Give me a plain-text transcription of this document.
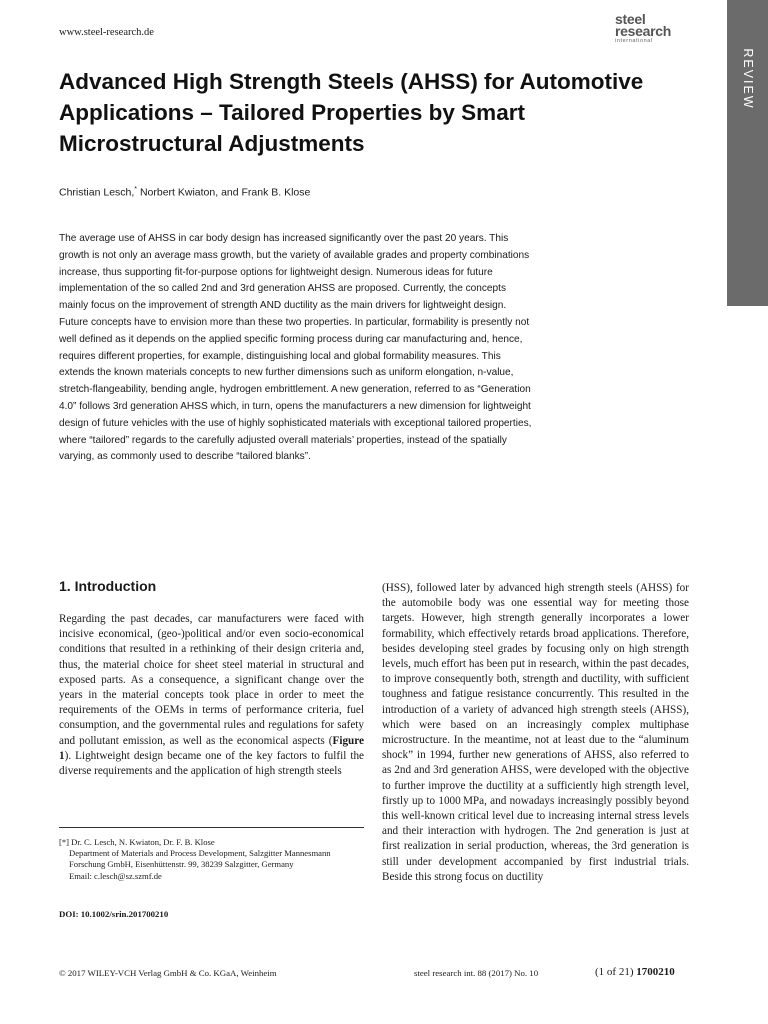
www.steel-research.de
steel
research
international
REVIEW
Advanced High Strength Steels (AHSS) for Automotive Applications – Tailored Properties by Smart Microstructural Adjustments
Christian Lesch,* Norbert Kwiaton, and Frank B. Klose

The average use of AHSS in car body design has increased significantly over the past 20 years. This growth is not only an average mass growth, but the variety of available grades and property combinations increase, thus supporting fit-for-purpose options for lightweight design. Numerous ideas for future implementation of the so called 2nd and 3rd generation AHSS are proposed. Currently, the concepts mainly focus on the improvement of strength AND ductility as the main drivers for lightweight design. Future concepts have to envision more than these two properties. In particular, formability is presently not well defined as it depends on the applied specific forming process during car manufacturing and, hence, requires different properties, for example, distinguishing local and global formability measures. This extends the known materials concepts to new further dimensions such as uniform elongation, n-value, stretch-flangeability, bending angle, hydrogen embrittlement. A new generation, referred to as “Generation 4.0” follows 3rd generation AHSS which, in turn, opens the manufacturers a new dimension for lightweight design of future vehicles with the use of highly sophisticated materials with exceptional tailored properties, where “tailored” regards to the carefully adjusted overall materials’ properties, instead of the spatially varying, as commonly used to describe “tailored blanks”.

1. Introduction

Regarding the past decades, car manufacturers were faced with incisive economical, (geo-)political and/or even socio-economical conditions that resulted in a rethinking of their design criteria and, thus, the material choice for sheet steel material in structural and exposed parts. As a consequence, a significant change over the years in the material concepts took place in order to meet the requirements of the OEMs in terms of performance criteria, fuel consumption, and the governmental rules and regulations for safety and pollutant emission, as well as the economical aspects (Figure 1). Lightweight design became one of the key factors to fulfil the diverse requirements and the application of high strength steels

(HSS), followed later by advanced high strength steels (AHSS) for the automobile body was one essential way for meeting those targets. However, high strength generally incorporates a lower formability, which effectively retards broad applications. Therefore, besides developing steel grades by focusing only on high strength levels, much effort has been put in research, within the past decades, to improve consequently both, strength and ductility, with sufficient toughness and fatigue resistance concurrently. This resulted in the introduction of a variety of advanced high strength steels (AHSS), which were based on an increasingly complex multiphase microstructure. In the meantime, not at least due to the “aluminum shock” in 1994, further new generations of AHSS, also referred to as 2nd and 3rd generation AHSS, were developed with the objective to further improve the ductility at a sufficiently high strength level, firstly up to 1000 MPa, and nowadays increasingly possibly beyond this well-known critical level due to increasing internal stress levels and their interaction with hydrogen. The 2nd generation is just at first realization in serial production, whereas, the 3rd generation is still under development accompanied by first industrial trials. Beside this strong focus on ductility

[*] Dr. C. Lesch, N. Kwiaton, Dr. F. B. Klose
Department of Materials and Process Development, Salzgitter Mannesmann Forschung GmbH, Eisenhüttenstr. 99, 38239 Salzgitter, Germany
Email: c.lesch@sz.szmf.de
DOI: 10.1002/srin.201700210
© 2017 WILEY-VCH Verlag GmbH & Co. KGaA, Weinheim	steel research int. 88 (2017) No. 10	(1 of 21) 1700210
